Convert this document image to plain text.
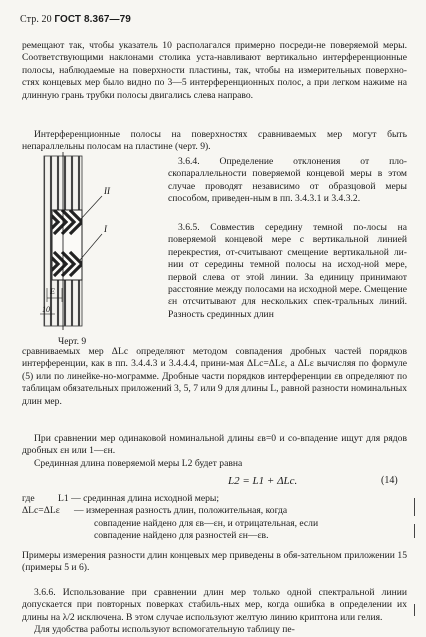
Стр. 20 ГОСТ 8.367—79

ремещают так, чтобы указатель 10 располагался примерно посреди-не поверяемой меры. Соответствующими наклонами столика уста-навливают вертикально интерференционные полосы, наблюдаемые на поверхности пластины, так, чтобы на измерительных поверхно-стях концевых мер было видно по 3—5 интерференционных полос, а при легком нажиме на длинную грань трубки полосы двигались слева направо.

Интерференционные полосы на поверхностях сравниваемых мер могут быть непараллельны полосам на пластине (черт. 9).

II
I
E
10

3.6.4. Определение отклонения от пло-скопараллельности поверяемой концевой меры в этом случае проводят независимо от образцовой меры способом, приведен-ным в пп. 3.4.3.1 и 3.4.3.2.

3.6.5. Совместив середину темной по-лосы на поверяемой концевой мере с вертикальной линией перекрестия, от-считывают смещение вертикальной ли-нии от середины темной полосы на исход-ной мере, первой слева от этой линии. За единицу принимают расстояние между полосами на исходной мере. Смещение εн отсчитывают для нескольких спек-тральных линий. Разность срединных длин

Черт. 9

сравниваемых мер ΔLс определяют методом совпадения дробных частей порядков интерференции, как в пп. 3.4.4.3 и 3.4.4.4, прини-мая ΔLс=ΔLε, а ΔLε вычисляя по формуле (5) или по линейке-но-мограмме. Дробные части порядков интерференции εв определяют по таблицам обязательных приложений 3, 5, 7 или 9 для длины L, равной разности номинальных длин мер.

При сравнении мер одинаковой номинальной длины εв=0 и со-впадение ищут для рядов дробных εн или 1—εн.

Срединная длина поверяемой меры L2 будет равна

L2 = L1 + ΔLс.	(14)
где L1 — срединная длина исходной меры;
ΔLс=ΔLε — измеренная разность длин, положительная, когда
совпадение найдено для εв—εн, и отрицательная, если
совпадение найдено для разностей εн—εв.

Примеры измерения разности длин концевых мер приведены в обя-зательном приложении 15 (примеры 5 и 6).

3.6.6. Использование при сравнении длин мер только одной спектральной линии допускается при повторных поверках стабиль-ных мер, когда ошибка в определении их длины на λ/2 исключена. В этом случае используют желтую линию криптона или гелия.
Для удобства работы используют вспомогательную таблицу пе-
